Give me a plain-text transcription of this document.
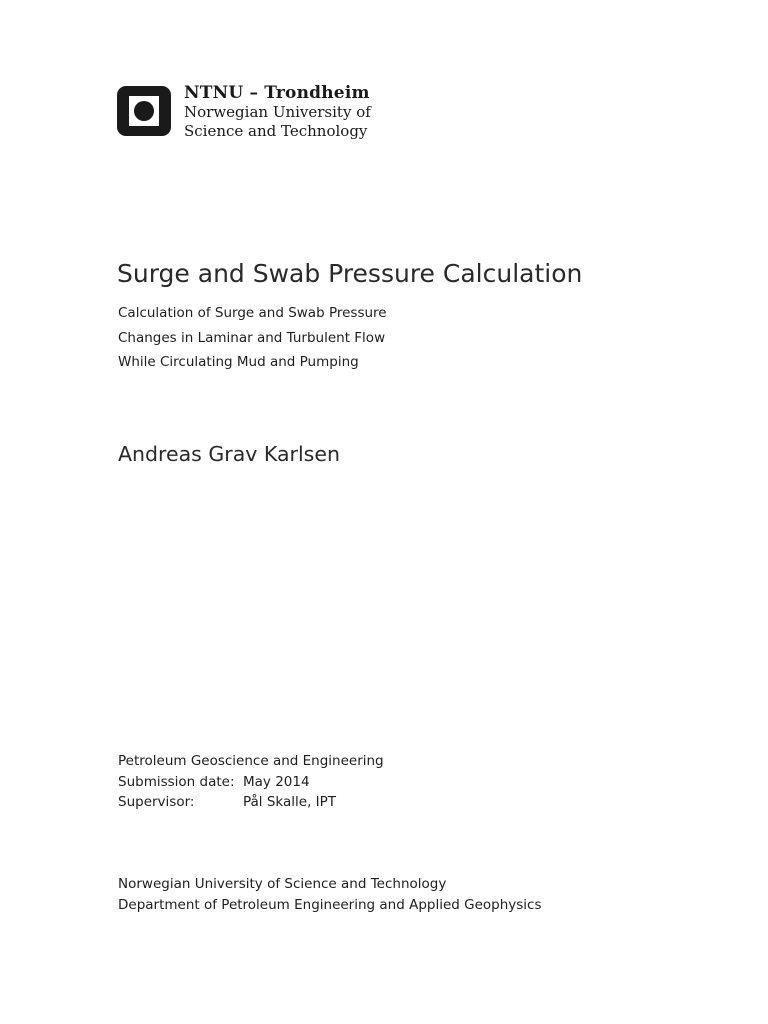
NTNU – Trondheim
Norwegian University of
Science and Technology
Surge and Swab Pressure Calculation
Calculation of Surge and Swab Pressure
Changes in Laminar and Turbulent Flow
While Circulating Mud and Pumping
Andreas Grav Karlsen
Petroleum Geoscience and Engineering
Submission date: May 2014
Supervisor:	Pål Skalle, IPT
Norwegian University of Science and Technology
Department of Petroleum Engineering and Applied Geophysics
